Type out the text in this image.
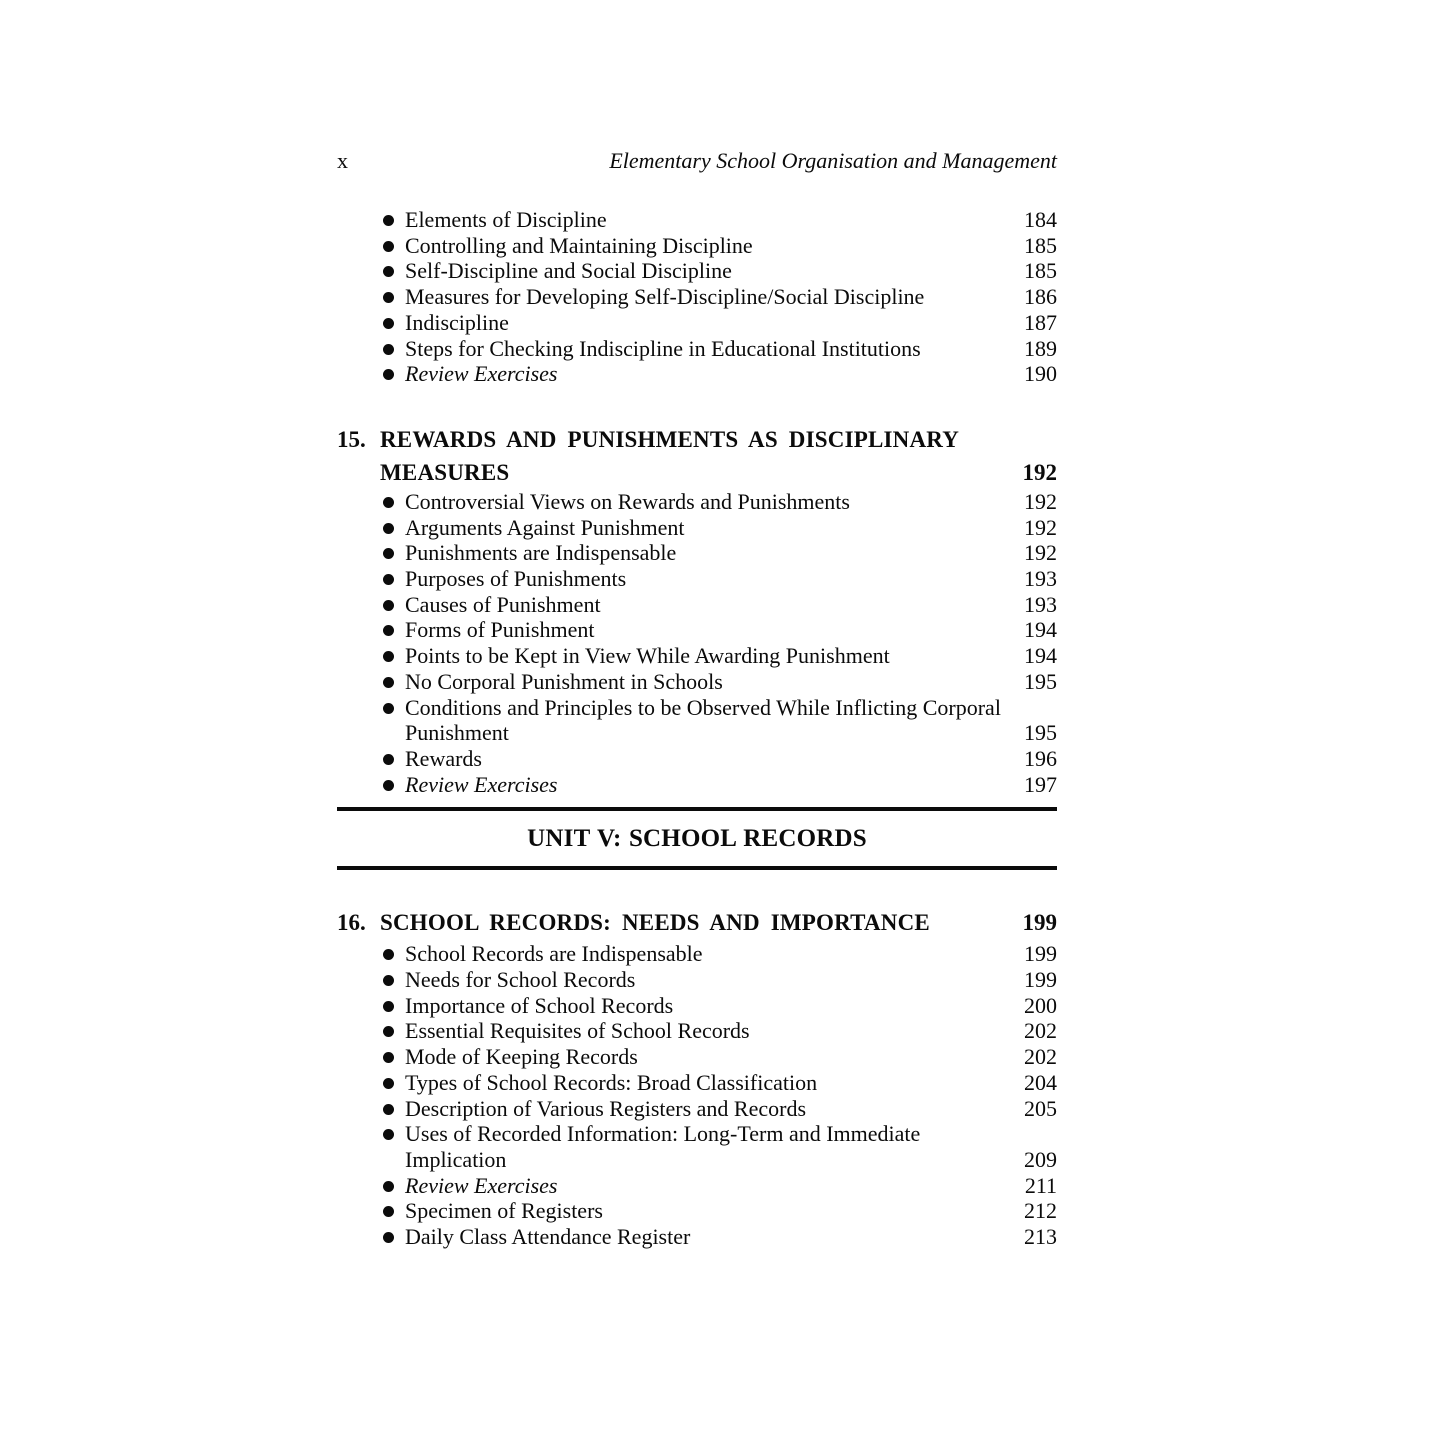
x	Elementary School Organisation and Management
Elements of Discipline	184
Controlling and Maintaining Discipline	185
Self-Discipline and Social Discipline	185
Measures for Developing Self-Discipline/Social Discipline	186
Indiscipline	187
Steps for Checking Indiscipline in Educational Institutions	189
Review Exercises	190
15. REWARDS AND PUNISHMENTS AS DISCIPLINARY
MEASURES	192
Controversial Views on Rewards and Punishments	192
Arguments Against Punishment	192
Punishments are Indispensable	192
Purposes of Punishments	193
Causes of Punishment	193
Forms of Punishment	194
Points to be Kept in View While Awarding Punishment	194
No Corporal Punishment in Schools	195
Conditions and Principles to be Observed While Inflicting Corporal Punishment	195
Rewards	196
Review Exercises	197
UNIT V: SCHOOL RECORDS
16. SCHOOL RECORDS: NEEDS AND IMPORTANCE	199
School Records are Indispensable	199
Needs for School Records	199
Importance of School Records	200
Essential Requisites of School Records	202
Mode of Keeping Records	202
Types of School Records: Broad Classification	204
Description of Various Registers and Records	205
Uses of Recorded Information: Long-Term and Immediate Implication	209
Review Exercises	211
Specimen of Registers	212
Daily Class Attendance Register	213
